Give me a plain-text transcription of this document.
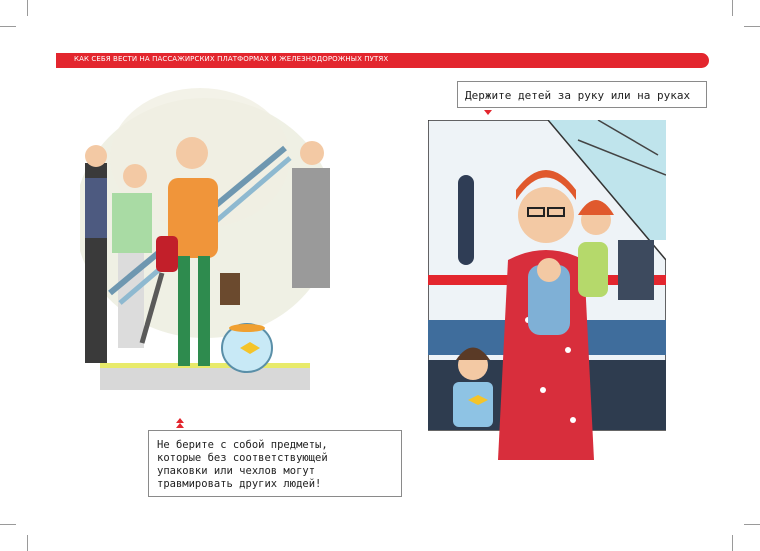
КАК СЕБЯ ВЕСТИ НА ПАССАЖИРСКИХ ПЛАТФОРМАХ И ЖЕЛЕЗНОДОРОЖНЫХ ПУТЯХ
Держите детей за руку или на руках
Не берите с собой предметы,
которые без соответствующей
упаковки или чехлов могут
травмировать других людей!
